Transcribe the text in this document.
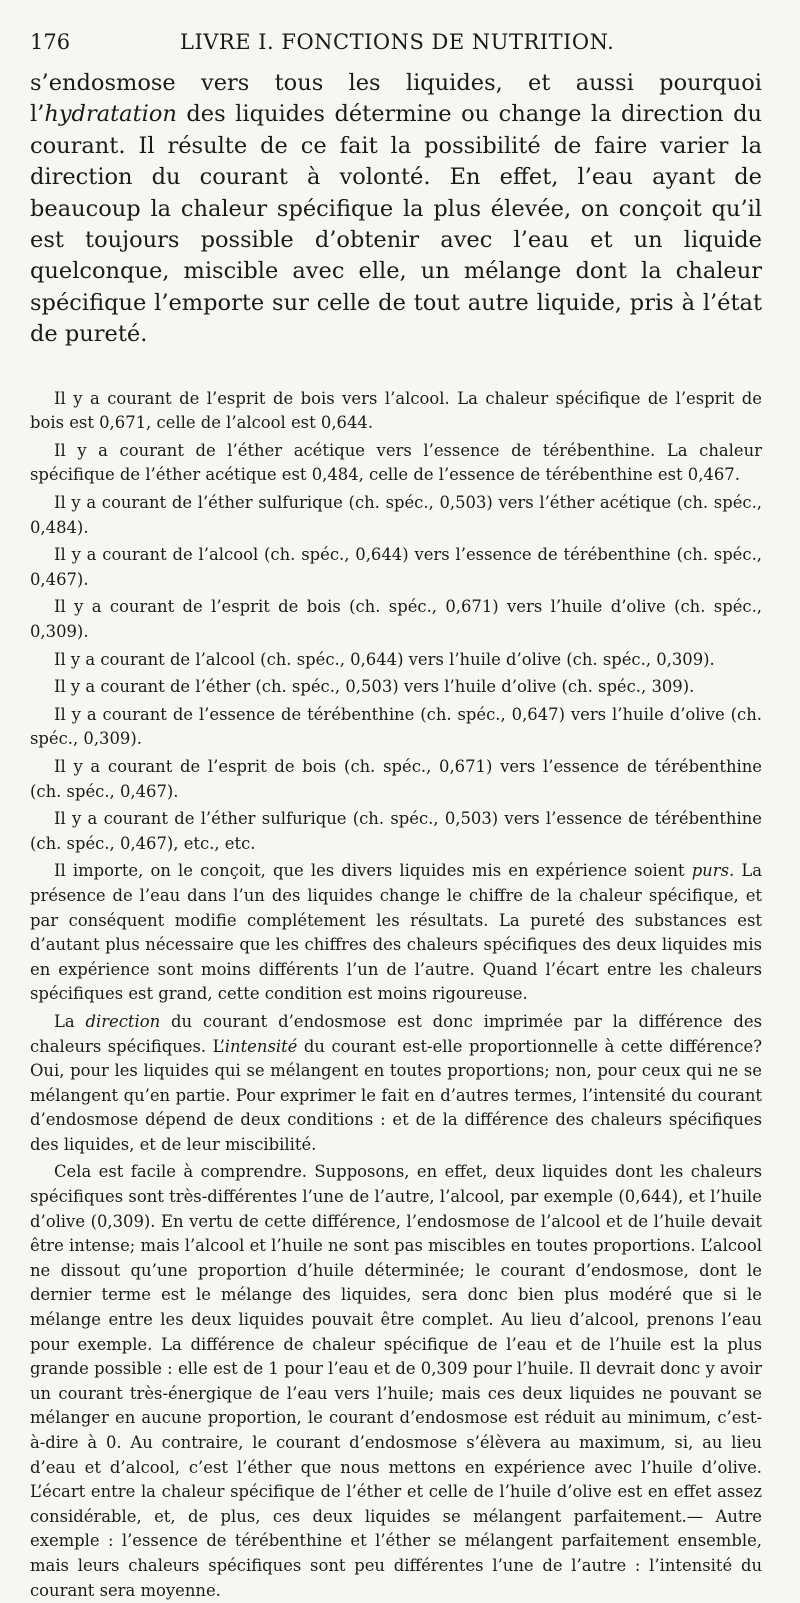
176	LIVRE I. FONCTIONS DE NUTRITION.

s’endosmose vers tous les liquides, et aussi pourquoi l’hydratation des liquides détermine ou change la direction du courant. Il résulte de ce fait la possibilité de faire varier la direction du courant à volonté. En effet, l’eau ayant de beaucoup la chaleur spécifique la plus élevée, on conçoit qu’il est toujours possible d’obtenir avec l’eau et un liquide quelconque, miscible avec elle, un mélange dont la chaleur spécifique l’emporte sur celle de tout autre liquide, pris à l’état de pureté.

Il y a courant de l’esprit de bois vers l’alcool. La chaleur spécifique de l’esprit de bois est 0,671, celle de l’alcool est 0,644.

Il y a courant de l’éther acétique vers l’essence de térébenthine. La chaleur spécifique de l’éther acétique est 0,484, celle de l’essence de térébenthine est 0,467.

Il y a courant de l’éther sulfurique (ch. spéc., 0,503) vers l’éther acétique (ch. spéc., 0,484).

Il y a courant de l’alcool (ch. spéc., 0,644) vers l’essence de térébenthine (ch. spéc., 0,467).

Il y a courant de l’esprit de bois (ch. spéc., 0,671) vers l’huile d’olive (ch. spéc., 0,309).

Il y a courant de l’alcool (ch. spéc., 0,644) vers l’huile d’olive (ch. spéc., 0,309).

Il y a courant de l’éther (ch. spéc., 0,503) vers l’huile d’olive (ch. spéc., 309).

Il y a courant de l’essence de térébenthine (ch. spéc., 0,647) vers l’huile d’olive (ch. spéc., 0,309).

Il y a courant de l’esprit de bois (ch. spéc., 0,671) vers l’essence de térébenthine (ch. spéc., 0,467).

Il y a courant de l’éther sulfurique (ch. spéc., 0,503) vers l’essence de térébenthine (ch. spéc., 0,467), etc., etc.

Il importe, on le conçoit, que les divers liquides mis en expérience soient purs. La présence de l’eau dans l’un des liquides change le chiffre de la chaleur spécifique, et par conséquent modifie complétement les résultats. La pureté des substances est d’autant plus nécessaire que les chiffres des chaleurs spécifiques des deux liquides mis en expérience sont moins différents l’un de l’autre. Quand l’écart entre les chaleurs spécifiques est grand, cette condition est moins rigoureuse.

La direction du courant d’endosmose est donc imprimée par la différence des chaleurs spécifiques. L’intensité du courant est-elle proportionnelle à cette différence? Oui, pour les liquides qui se mélangent en toutes proportions; non, pour ceux qui ne se mélangent qu’en partie. Pour exprimer le fait en d’autres termes, l’intensité du courant d’endosmose dépend de deux conditions : et de la différence des chaleurs spécifiques des liquides, et de leur miscibilité.

Cela est facile à comprendre. Supposons, en effet, deux liquides dont les chaleurs spécifiques sont très-différentes l’une de l’autre, l’alcool, par exemple (0,644), et l’huile d’olive (0,309). En vertu de cette différence, l’endosmose de l’alcool et de l’huile devait être intense; mais l’alcool et l’huile ne sont pas miscibles en toutes proportions. L’alcool ne dissout qu’une proportion d’huile déterminée; le courant d’endosmose, dont le dernier terme est le mélange des liquides, sera donc bien plus modéré que si le mélange entre les deux liquides pouvait être complet. Au lieu d’alcool, prenons l’eau pour exemple. La différence de chaleur spécifique de l’eau et de l’huile est la plus grande possible : elle est de 1 pour l’eau et de 0,309 pour l’huile. Il devrait donc y avoir un courant très-énergique de l’eau vers l’huile; mais ces deux liquides ne pouvant se mélanger en aucune proportion, le courant d’endosmose est réduit au minimum, c’est-à-dire à 0. Au contraire, le courant d’endosmose s’élèvera au maximum, si, au lieu d’eau et d’alcool, c’est l’éther que nous mettons en expérience avec l’huile d’olive. L’écart entre la chaleur spécifique de l’éther et celle de l’huile d’olive est en effet assez considérable, et, de plus, ces deux liquides se mélangent parfaitement.— Autre exemple : l’essence de térébenthine et l’éther se mélangent parfaitement ensemble, mais leurs chaleurs spécifiques sont peu différentes l’une de l’autre : l’intensité du courant sera moyenne.
